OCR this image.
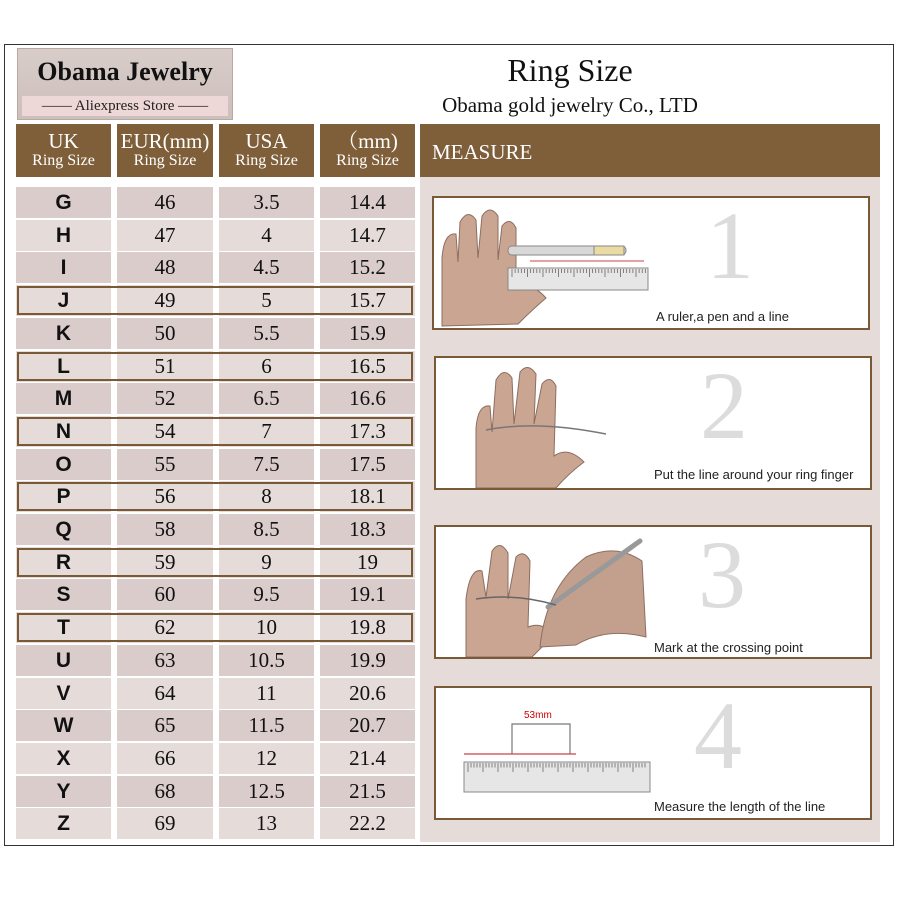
Obama Jewelry
—— Aliexpress Store ——
Ring Size
Obama gold jewelry Co., LTD
UK
Ring Size
EUR(mm)
Ring Size
USA
Ring Size
（mm)
Ring Size
G	46	3.5	14.4
H	47	4	14.7
I	48	4.5	15.2
J	49	5	15.7
K	50	5.5	15.9
L	51	6	16.5
M	52	6.5	16.6
N	54	7	17.3
O	55	7.5	17.5
P	56	8	18.1
Q	58	8.5	18.3
R	59	9	19
S	60	9.5	19.1
T	62	10	19.8
U	63	10.5	19.9
V	64	11	20.6
W	65	11.5	20.7
X	66	12	21.4
Y	68	12.5	21.5
Z	69	13	22.2
MEASURE
1
A ruler,a pen and a line
2
Put the line around your ring finger
3
Mark at the crossing point
53mm 4
Measure the length of the line
